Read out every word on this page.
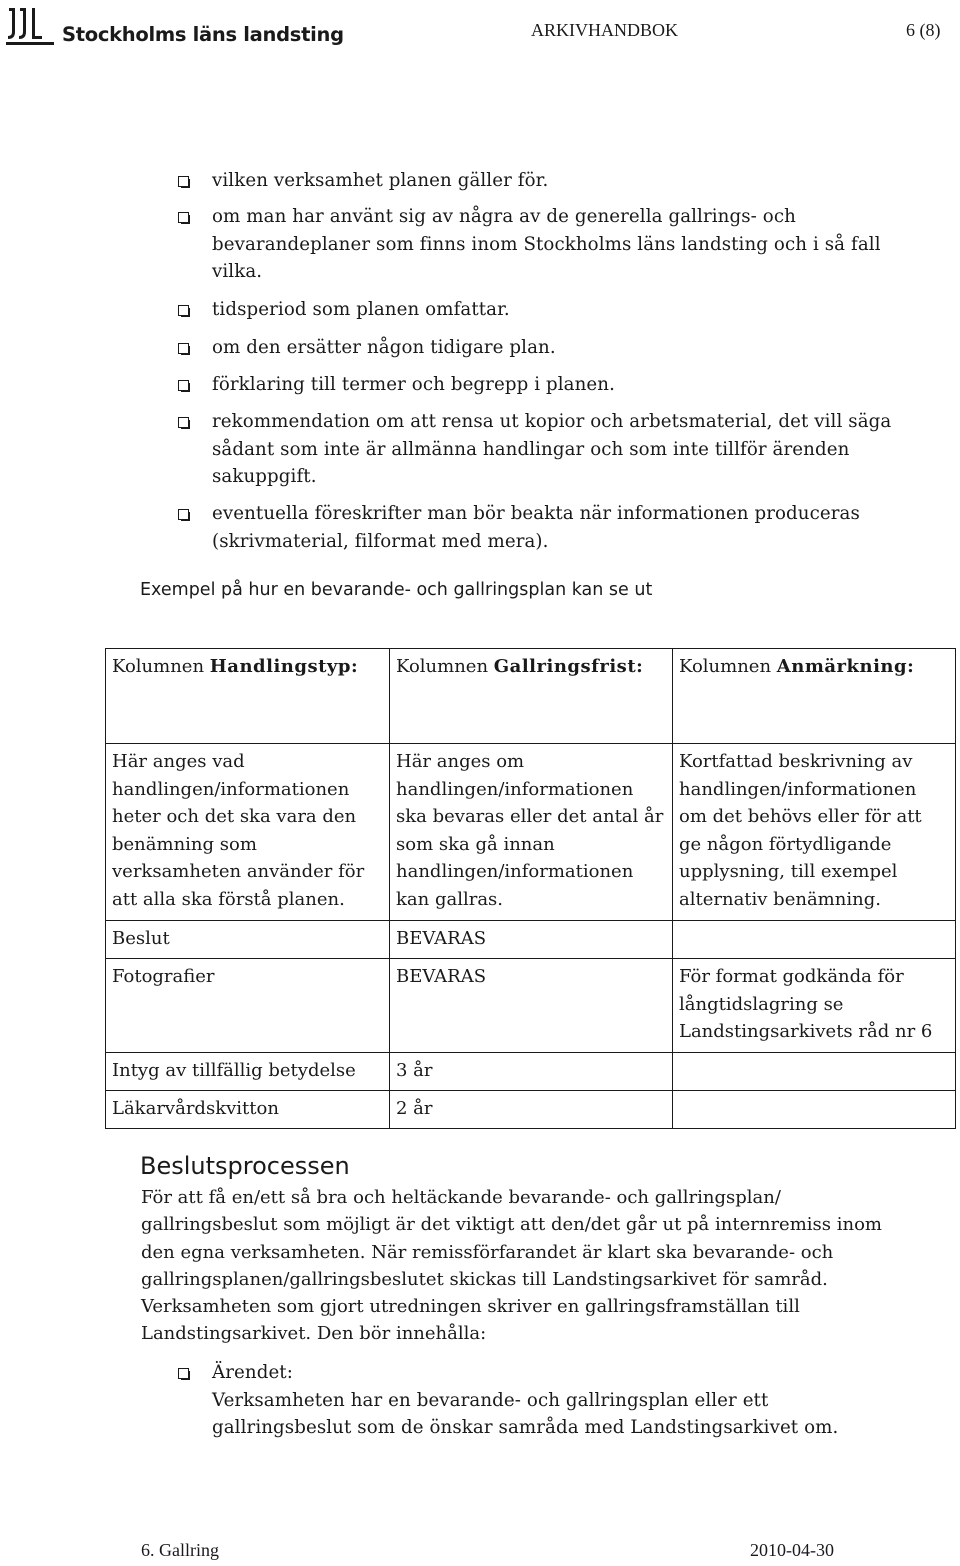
Stockholms läns landsting	ARKIVHANDBOK	6 (8)
vilken verksamhet planen gäller för.
om man har använt sig av några av de generella gallrings- och bevarandeplaner som finns inom Stockholms läns landsting och i så fall vilka.
tidsperiod som planen omfattar.
om den ersätter någon tidigare plan.
förklaring till termer och begrepp i planen.
rekommendation om att rensa ut kopior och arbetsmaterial, det vill säga sådant som inte är allmänna handlingar och som inte tillför ärenden sakuppgift.
eventuella föreskrifter man bör beakta när informationen produceras (skrivmaterial, filformat med mera).
Exempel på hur en bevarande- och gallringsplan kan se ut
Kolumnen Handlingstyp:	Kolumnen Gallringsfrist:	Kolumnen Anmärkning:
Här anges vad handlingen/informationen heter och det ska vara den benämning som verksamheten använder för att alla ska förstå planen.	Här anges om handlingen/informationen ska bevaras eller det antal år som ska gå innan handlingen/informationen kan gallras.	Kortfattad beskrivning av handlingen/informationen om det behövs eller för att ge någon förtydligande upplysning, till exempel alternativ benämning.
Beslut	BEVARAS	
Fotografier	BEVARAS	För format godkända för långtidslagring se Landstingsarkivets råd nr 6
Intyg av tillfällig betydelse	3 år	
Läkarvårdskvitton	2 år	
Beslutsprocessen
För att få en/ett så bra och heltäckande bevarande- och gallringsplan/ gallringsbeslut som möjligt är det viktigt att den/det går ut på internremiss inom den egna verksamheten. När remissförfarandet är klart ska bevarande- och gallringsplanen/gallringsbeslutet skickas till Landstingsarkivet för samråd. Verksamheten som gjort utredningen skriver en gallringsframställan till Landstingsarkivet. Den bör innehålla:
Ärendet:
Verksamheten har en bevarande- och gallringsplan eller ett gallringsbeslut som de önskar samråda med Landstingsarkivet om.
6. Gallring	2010-04-30
